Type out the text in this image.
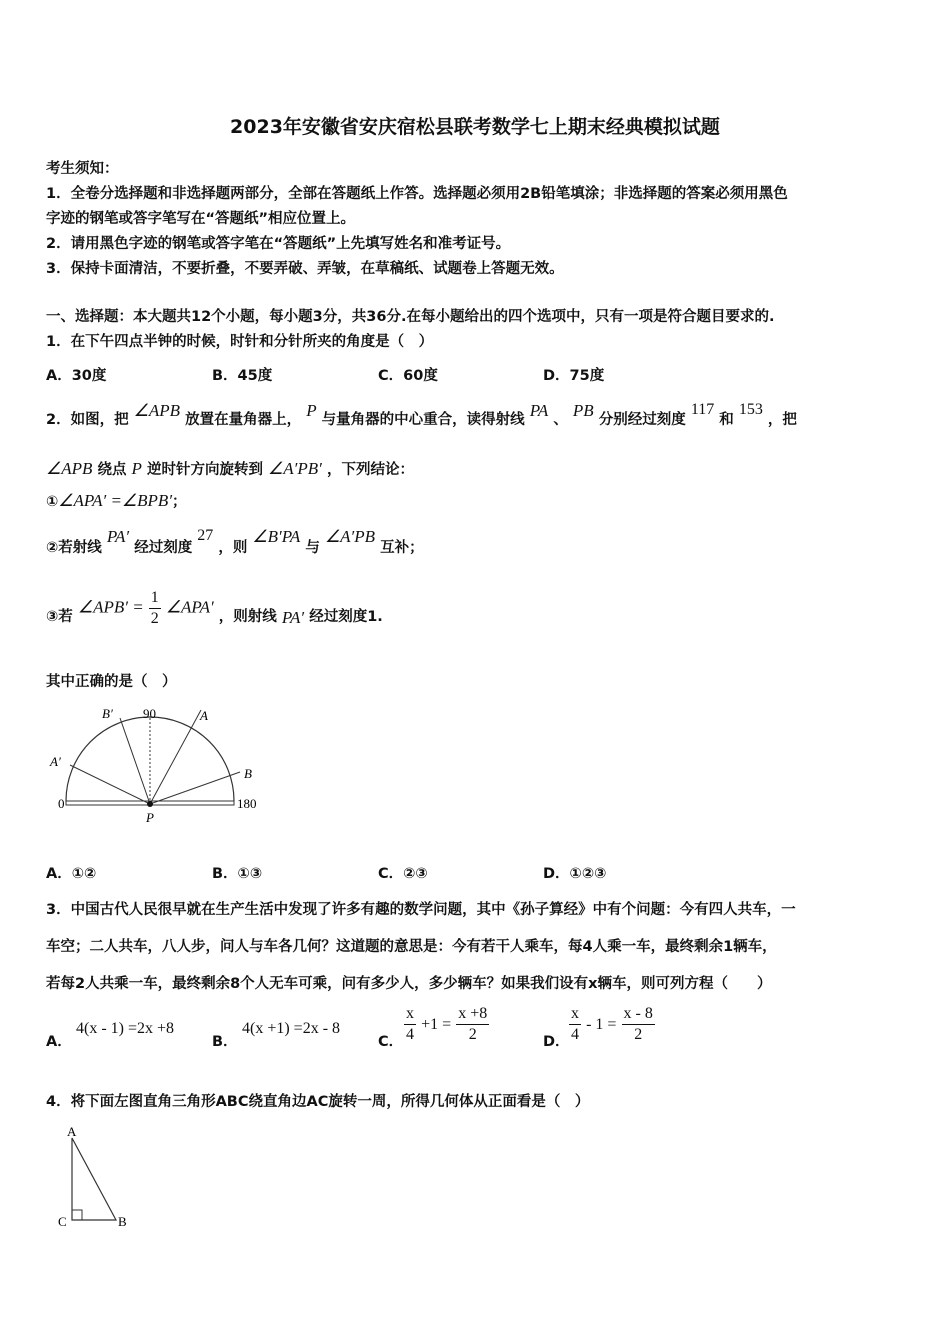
2023年安徽省安庆宿松县联考数学七上期末经典模拟试题
考生须知：
1．全卷分选择题和非选择题两部分，全部在答题纸上作答。选择题必须用2B铅笔填涂；非选择题的答案必须用黑色
字迹的钢笔或答字笔写在“答题纸”相应位置上。
2．请用黑色字迹的钢笔或答字笔在“答题纸”上先填写姓名和准考证号。
3．保持卡面清洁，不要折叠，不要弄破、弄皱，在草稿纸、试题卷上答题无效。
一、选择题：本大题共12个小题，每小题3分，共36分.在每小题给出的四个选项中，只有一项是符合题目要求的.
1．在下午四点半钟的时候，时针和分针所夹的角度是（　）
A．30度	B．45度	C．60度	D．75度
2．如图，把 ∠APB 放置在量角器上， P 与量角器的中心重合，读得射线 PA 、 PB 分别经过刻度 117 和 153 ，把
∠APB 绕点 P 逆时针方向旋转到 ∠A′PB′ ，下列结论：
①∠APA′ =∠BPB′；
②若射线 PA′ 经过刻度 27 ，则 ∠B′PA 与 ∠A′PB 互补；
③若 ∠APB′ = $\frac{1}{2}$ ∠APA′ ，则射线 PA′ 经过刻度1.
其中正确的是（　）
90
0	180
A
B
A′
B′
P
A．①②	B．①③	C．②③	D．①②③
3．中国古代人民很早就在生产生活中发现了许多有趣的数学问题，其中《孙子算经》中有个问题：今有四人共车，一
车空；二人共车，八人步，问人与车各几何？这道题的意思是：今有若干人乘车，每4人乘一车，最终剩余1辆车，
若每2人共乘一车，最终剩余8个人无车可乘，问有多少人，多少辆车？如果我们设有x辆车，则可列方程（　　）
A．
4(x - 1) =2x +8
B．
4(x +1) =2x - 8
C． $\frac{x}{4} +1 = \frac{x +8}{2}$	D． $\frac{x}{4} - 1 = \frac{x - 8}{2}$
4．将下面左图直角三角形ABC绕直角边AC旋转一周，所得几何体从正面看是（　）
A
C	B
